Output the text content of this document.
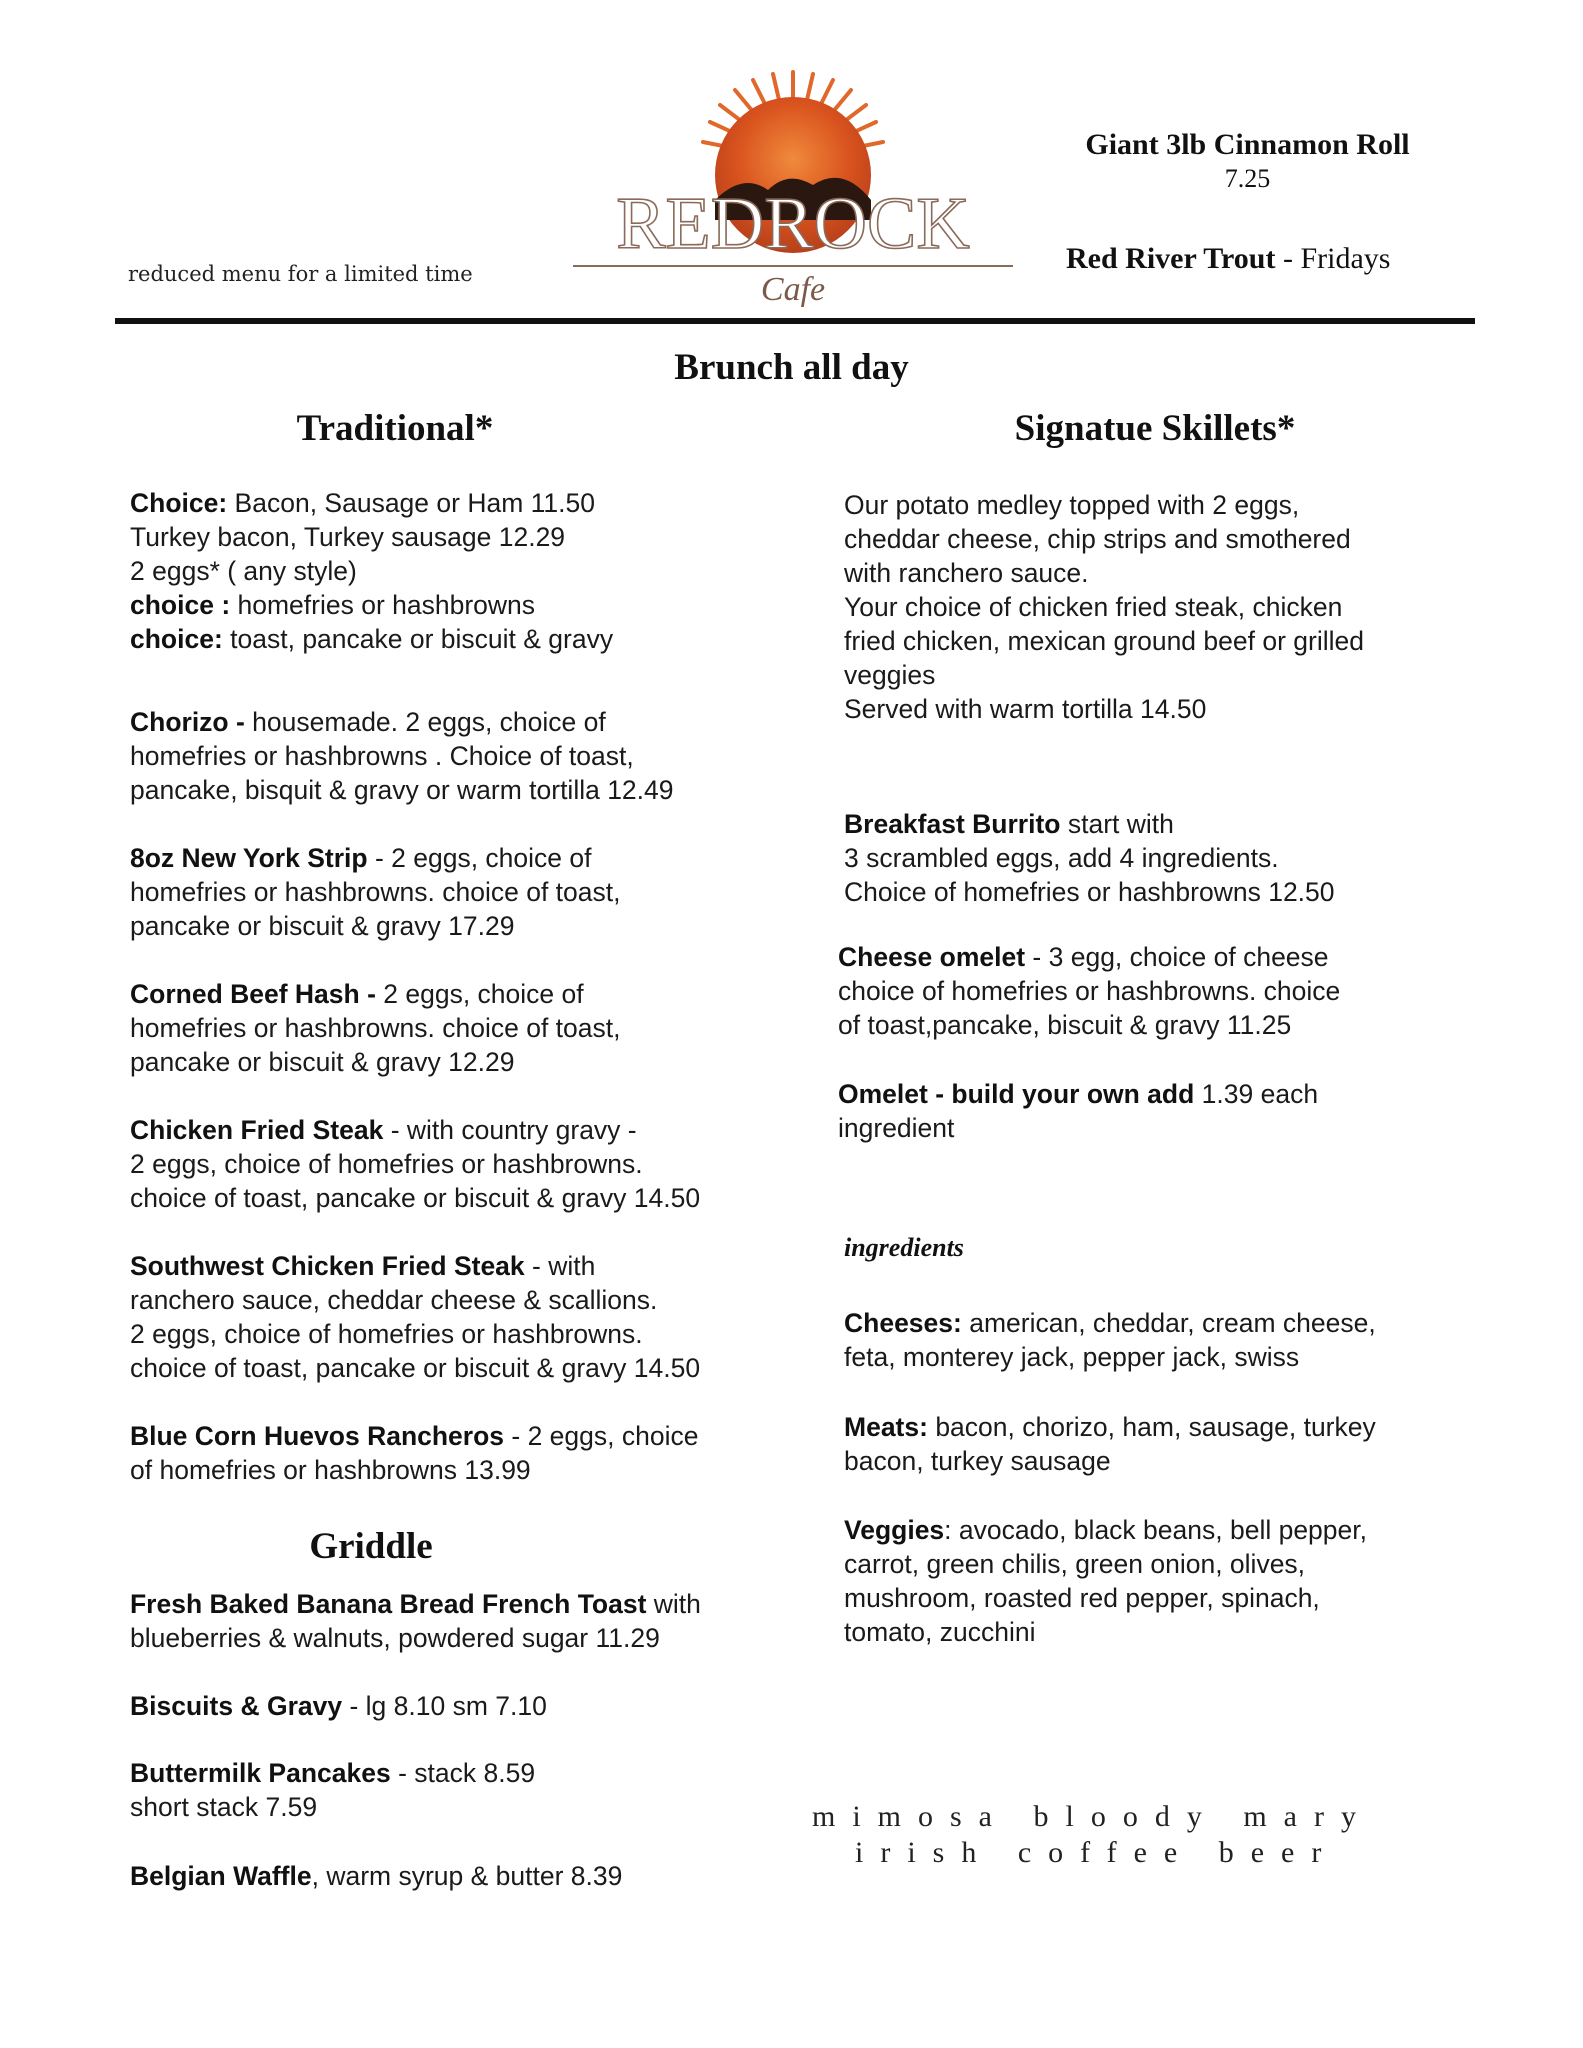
reduced menu for a limited time
REDROCK
Cafe
Giant 3lb Cinnamon Roll
7.25
Red River Trout - Fridays
Brunch all day
Traditional*
Choice: Bacon, Sausage or Ham 11.50
Turkey bacon, Turkey sausage 12.29
2 eggs* ( any style)
choice : homefries or hashbrowns
choice: toast, pancake or biscuit & gravy
Chorizo - housemade. 2 eggs, choice of
homefries or hashbrowns . Choice of toast,
pancake, bisquit & gravy or warm tortilla 12.49
8oz New York Strip - 2 eggs, choice of
homefries or hashbrowns. choice of toast,
pancake or biscuit & gravy 17.29
Corned Beef Hash - 2 eggs, choice of
homefries or hashbrowns. choice of toast,
pancake or biscuit & gravy 12.29
Chicken Fried Steak - with country gravy -
2 eggs, choice of homefries or hashbrowns.
choice of toast, pancake or biscuit & gravy 14.50
Southwest Chicken Fried Steak - with
ranchero sauce, cheddar cheese & scallions.
2 eggs, choice of homefries or hashbrowns.
choice of toast, pancake or biscuit & gravy 14.50
Blue Corn Huevos Rancheros - 2 eggs, choice
of homefries or hashbrowns 13.99
Griddle
Fresh Baked Banana Bread French Toast with
blueberries & walnuts, powdered sugar 11.29
Biscuits & Gravy - lg 8.10 sm 7.10
Buttermilk Pancakes - stack 8.59
short stack 7.59
Belgian Waffle, warm syrup & butter 8.39
Signatue Skillets*
Our potato medley topped with 2 eggs,
cheddar cheese, chip strips and smothered
with ranchero sauce.
Your choice of chicken fried steak, chicken
fried chicken, mexican ground beef or grilled
veggies
Served with warm tortilla 14.50
Breakfast Burrito start with
3 scrambled eggs, add 4 ingredients.
Choice of homefries or hashbrowns 12.50
Cheese omelet - 3 egg, choice of cheese
choice of homefries or hashbrowns. choice
of toast,pancake, biscuit & gravy 11.25
Omelet - build your own add 1.39 each
ingredient
ingredients
Cheeses: american, cheddar, cream cheese,
feta, monterey jack, pepper jack, swiss
Meats: bacon, chorizo, ham, sausage, turkey
bacon, turkey sausage
Veggies: avocado, black beans, bell pepper,
carrot, green chilis, green onion, olives,
mushroom, roasted red pepper, spinach,
tomato, zucchini
mimosa bloody mary
irish coffee beer
